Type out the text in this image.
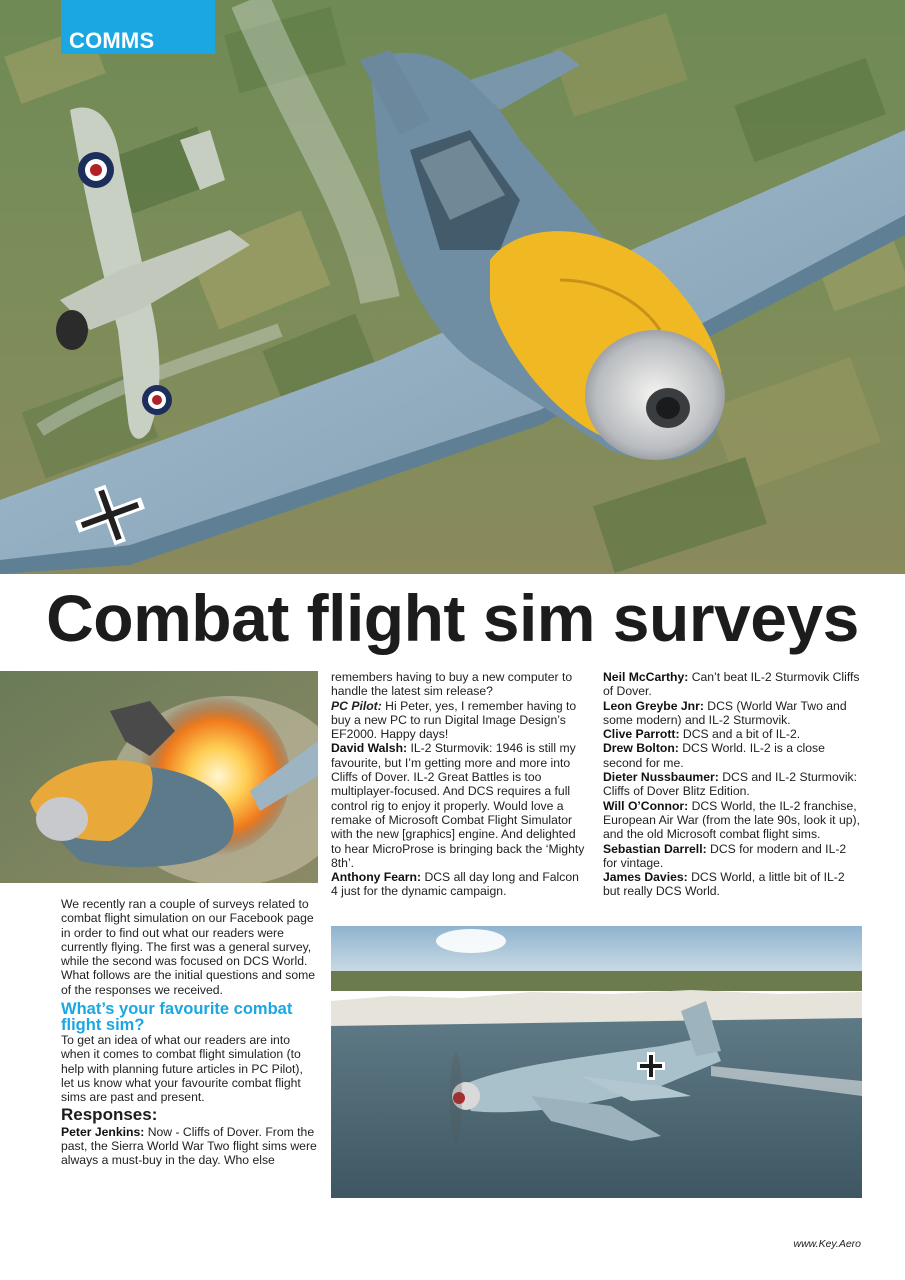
COMMS
Combat flight sim surveys

We recently ran a couple of surveys related to combat flight simulation on our Facebook page in order to find out what our readers were currently flying. The first was a general survey, while the second was focused on DCS World. What follows are the initial questions and some of the responses we received.

What’s your favourite combat flight sim?

To get an idea of what our readers are into when it comes to combat flight simulation (to help with planning future articles in PC Pilot), let us know what your favourite combat flight sims are past and present.

Responses:

Peter Jenkins: Now - Cliffs of Dover. From the past, the Sierra World War Two flight sims were always a must-buy in the day. Who else

remembers having to buy a new computer to handle the latest sim release?

PC Pilot: Hi Peter, yes, I remember having to buy a new PC to run Digital Image Design’s EF2000. Happy days!

David Walsh: IL-2 Sturmovik: 1946 is still my favourite, but I’m getting more and more into Cliffs of Dover. IL-2 Great Battles is too multiplayer-focused. And DCS requires a full control rig to enjoy it properly. Would love a remake of Microsoft Combat Flight Simulator with the new [graphics] engine. And delighted to hear MicroProse is bringing back the ‘Mighty 8th’.

Anthony Fearn: DCS all day long and Falcon 4 just for the dynamic campaign.

Neil McCarthy: Can’t beat IL-2 Sturmovik Cliffs of Dover.

Leon Greybe Jnr: DCS (World War Two and some modern) and IL-2 Sturmovik.

Clive Parrott: DCS and a bit of IL-2.

Drew Bolton: DCS World. IL-2 is a close second for me.

Dieter Nussbaumer: DCS and IL-2 Sturmovik: Cliffs of Dover Blitz Edition.

Will O’Connor: DCS World, the IL-2 franchise, European Air War (from the late 90s, look it up), and the old Microsoft combat flight sims.

Sebastian Darrell: DCS for modern and IL-2 for vintage.

James Davies: DCS World, a little bit of IL-2 but really DCS World.

www.Key.Aero
